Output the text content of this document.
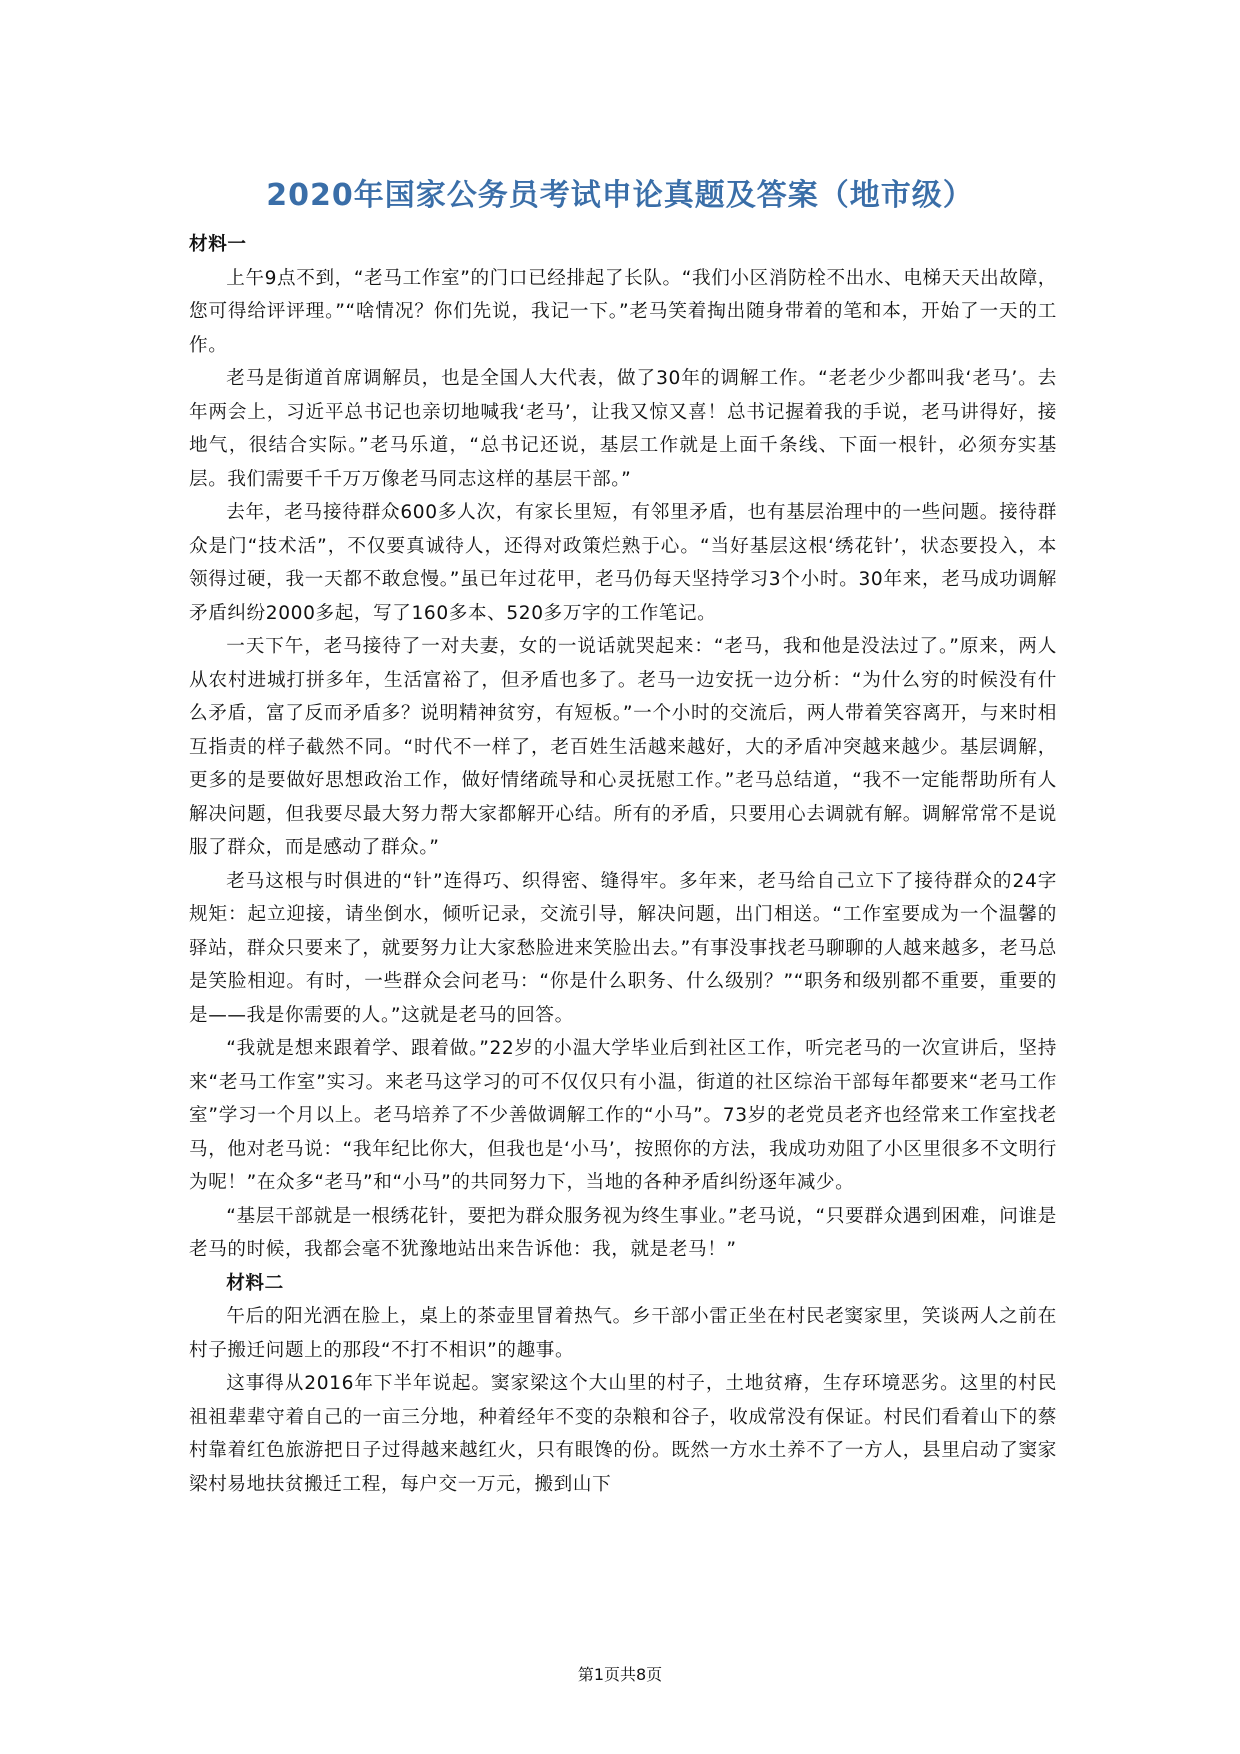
2020年国家公务员考试申论真题及答案（地市级）
材料一

上午9点不到，“老马工作室”的门口已经排起了长队。“我们小区消防栓不出水、电梯天天出故障，您可得给评评理。”“啥情况？你们先说，我记一下。”老马笑着掏出随身带着的笔和本，开始了一天的工作。

老马是街道首席调解员，也是全国人大代表，做了30年的调解工作。“老老少少都叫我‘老马’。去年两会上，习近平总书记也亲切地喊我‘老马’，让我又惊又喜！总书记握着我的手说，老马讲得好，接地气，很结合实际。”老马乐道，“总书记还说，基层工作就是上面千条线、下面一根针，必须夯实基层。我们需要千千万万像老马同志这样的基层干部。”

去年，老马接待群众600多人次，有家长里短，有邻里矛盾，也有基层治理中的一些问题。接待群众是门“技术活”，不仅要真诚待人，还得对政策烂熟于心。“当好基层这根‘绣花针’，状态要投入，本领得过硬，我一天都不敢怠慢。”虽已年过花甲，老马仍每天坚持学习3个小时。30年来，老马成功调解矛盾纠纷2000多起，写了160多本、520多万字的工作笔记。

一天下午，老马接待了一对夫妻，女的一说话就哭起来：“老马，我和他是没法过了。”原来，两人从农村进城打拼多年，生活富裕了，但矛盾也多了。老马一边安抚一边分析：“为什么穷的时候没有什么矛盾，富了反而矛盾多？说明精神贫穷，有短板。”一个小时的交流后，两人带着笑容离开，与来时相互指责的样子截然不同。“时代不一样了，老百姓生活越来越好，大的矛盾冲突越来越少。基层调解，更多的是要做好思想政治工作，做好情绪疏导和心灵抚慰工作。”老马总结道，“我不一定能帮助所有人解决问题，但我要尽最大努力帮大家都解开心结。所有的矛盾，只要用心去调就有解。调解常常不是说服了群众，而是感动了群众。”

老马这根与时俱进的“针”连得巧、织得密、缝得牢。多年来，老马给自己立下了接待群众的24字规矩：起立迎接，请坐倒水，倾听记录，交流引导，解决问题，出门相送。“工作室要成为一个温馨的驿站，群众只要来了，就要努力让大家愁脸进来笑脸出去。”有事没事找老马聊聊的人越来越多，老马总是笑脸相迎。有时，一些群众会问老马：“你是什么职务、什么级别？”“职务和级别都不重要，重要的是——我是你需要的人。”这就是老马的回答。

“我就是想来跟着学、跟着做。”22岁的小温大学毕业后到社区工作，听完老马的一次宣讲后，坚持来“老马工作室”实习。来老马这学习的可不仅仅只有小温，街道的社区综治干部每年都要来“老马工作室”学习一个月以上。老马培养了不少善做调解工作的“小马”。73岁的老党员老齐也经常来工作室找老马，他对老马说：“我年纪比你大，但我也是‘小马’，按照你的方法，我成功劝阻了小区里很多不文明行为呢！”在众多“老马”和“小马”的共同努力下，当地的各种矛盾纠纷逐年减少。

“基层干部就是一根绣花针，要把为群众服务视为终生事业。”老马说，“只要群众遇到困难，问谁是老马的时候，我都会毫不犹豫地站出来告诉他：我，就是老马！”

材料二

午后的阳光洒在脸上，桌上的茶壶里冒着热气。乡干部小雷正坐在村民老窦家里，笑谈两人之前在村子搬迁问题上的那段“不打不相识”的趣事。

这事得从2016年下半年说起。窦家梁这个大山里的村子，土地贫瘠，生存环境恶劣。这里的村民祖祖辈辈守着自己的一亩三分地，种着经年不变的杂粮和谷子，收成常没有保证。村民们看着山下的蔡村靠着红色旅游把日子过得越来越红火，只有眼馋的份。既然一方水土养不了一方人，县里启动了窦家梁村易地扶贫搬迁工程，每户交一万元，搬到山下

第1页共8页
